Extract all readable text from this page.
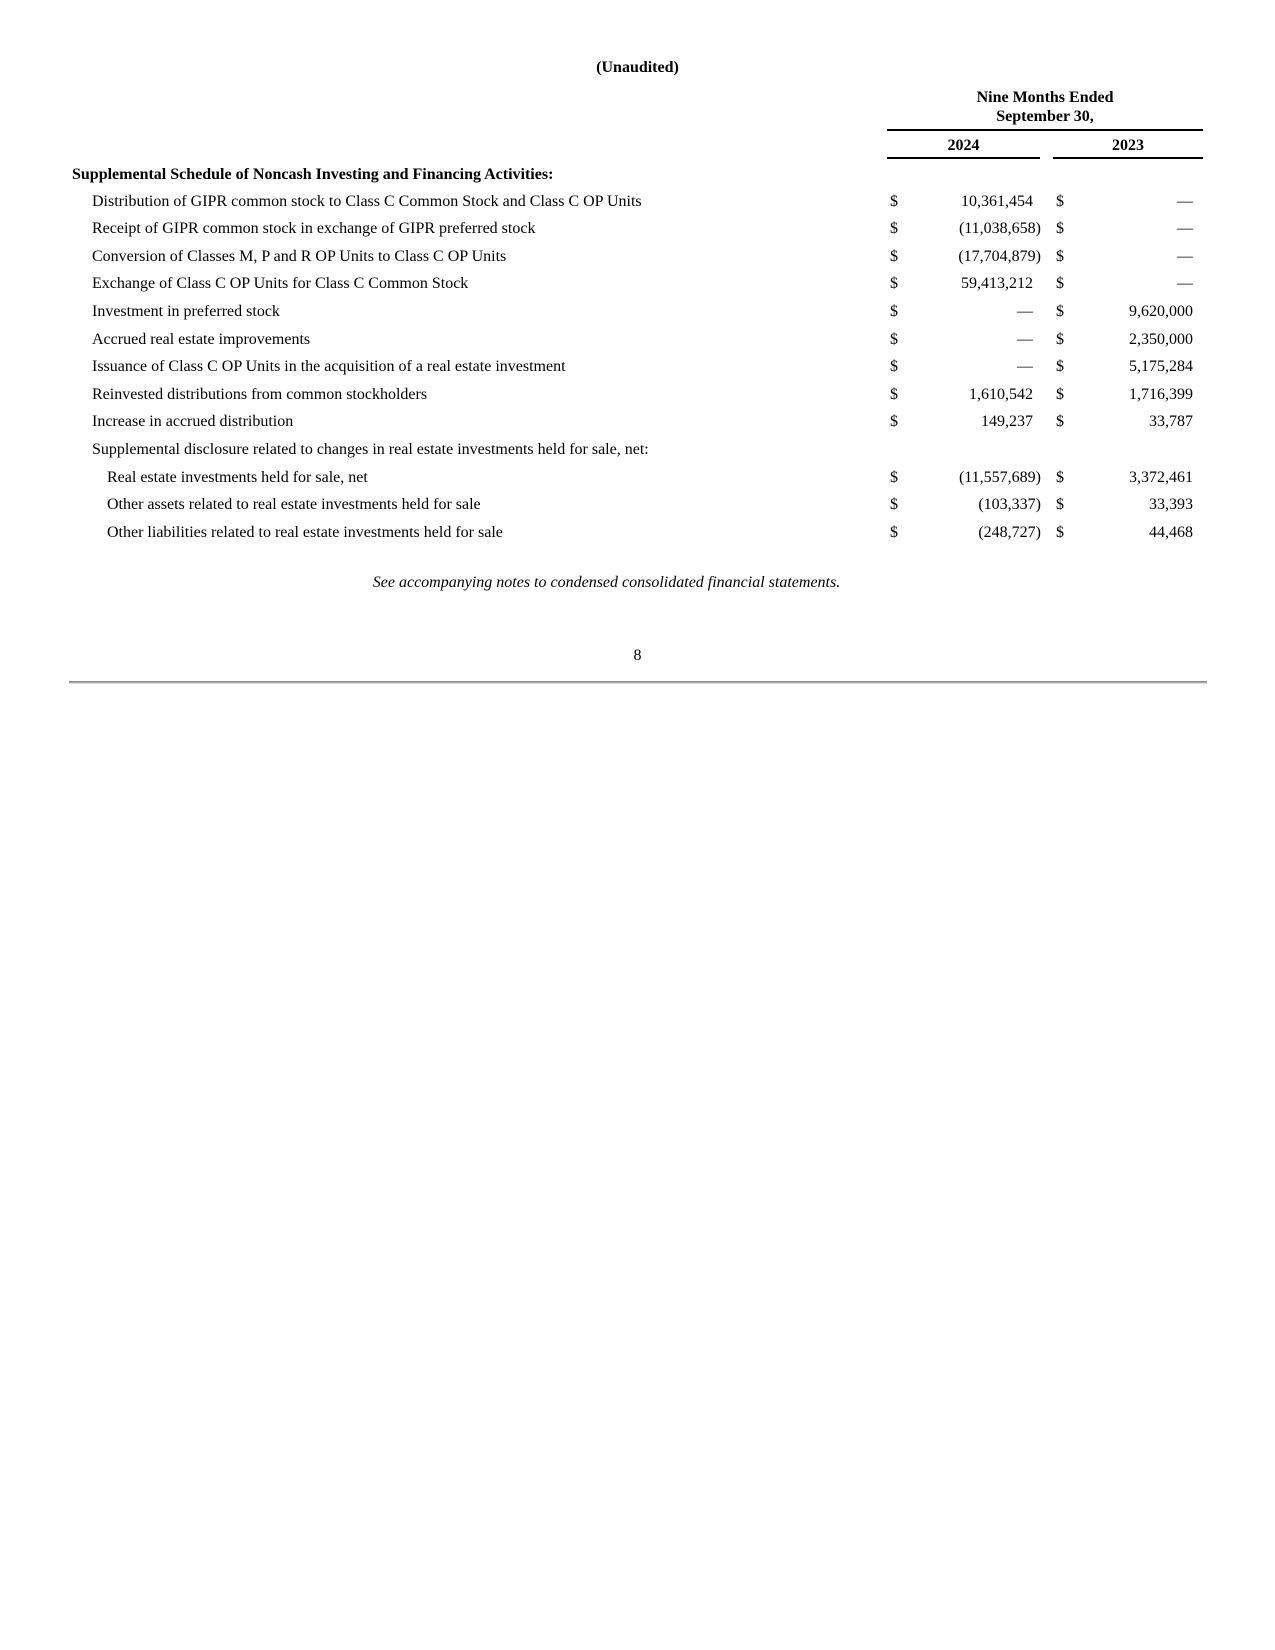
(Unaudited)

	Nine Months Ended
September 30,				

	2024			2023	
Supplemental Schedule of Noncash Investing and Financing Activities:					
Distribution of GIPR common stock to Class C Common Stock and Class C OP Units	$	10,361,454		$	—
Receipt of GIPR common stock in exchange of GIPR preferred stock	$	(11,038,658)		$	—
Conversion of Classes M, P and R OP Units to Class C OP Units	$	(17,704,879)		$	—
Exchange of Class C OP Units for Class C Common Stock	$	59,413,212		$	—
Investment in preferred stock	$	—		$	9,620,000
Accrued real estate improvements	$	—		$	2,350,000
Issuance of Class C OP Units in the acquisition of a real estate investment	$	—		$	5,175,284
Reinvested distributions from common stockholders	$	1,610,542		$	1,716,399
Increase in accrued distribution	$	149,237		$	33,787
Supplemental disclosure related to changes in real estate investments held for sale, net:					
Real estate investments held for sale, net	$	(11,557,689)		$	3,372,461
Other assets related to real estate investments held for sale	$	(103,337)		$	33,393
Other liabilities related to real estate investments held for sale	$	(248,727)		$	44,468
See accompanying notes to condensed consolidated financial statements.
8
